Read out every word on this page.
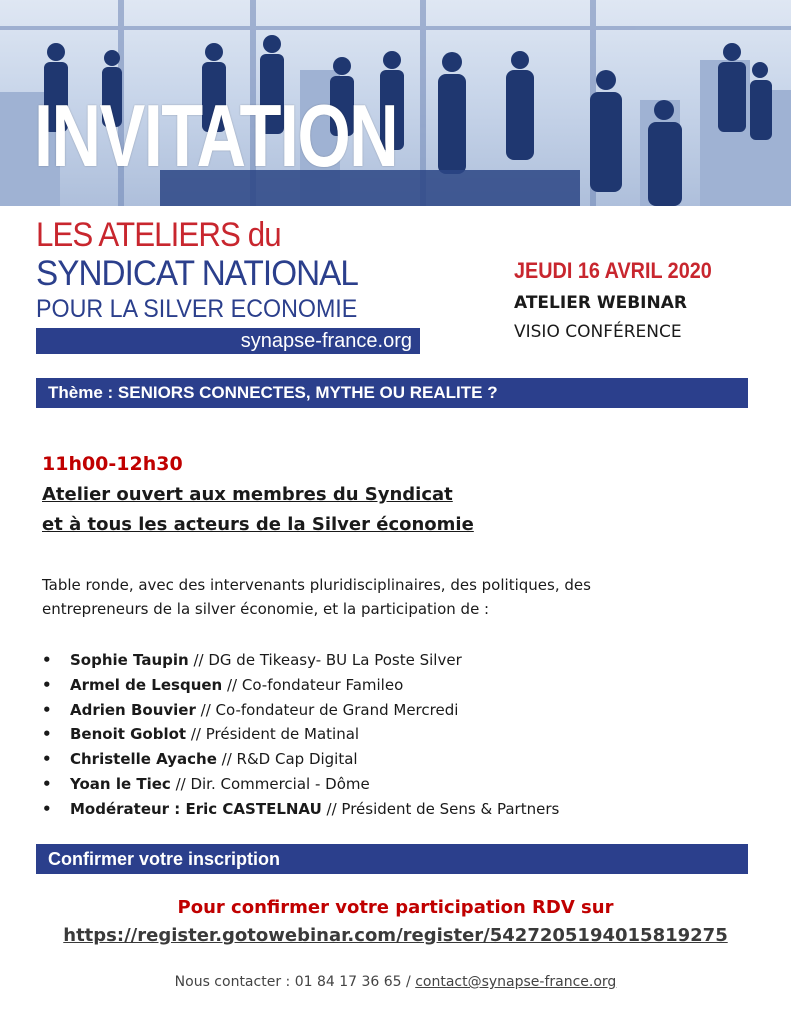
INVITATION
LES ATELIERS du
SYNDICAT NATIONAL
POUR LA SILVER ECONOMIE
synapse-france.org
JEUDI 16 AVRIL 2020
ATELIER WEBINAR
VISIO CONFÉRENCE
Thème : SENIORS CONNECTES, MYTHE OU REALITE ?
11h00-12h30
Atelier ouvert aux membres du Syndicat
et à tous les acteurs de la Silver économie
Table ronde, avec des intervenants pluridisciplinaires, des politiques, des entrepreneurs de la silver économie, et la participation de :
• Sophie Taupin // DG de Tikeasy- BU La Poste Silver
• Armel de Lesquen // Co-fondateur Famileo
• Adrien Bouvier // Co-fondateur de Grand Mercredi
• Benoit Goblot // Président de Matinal
• Christelle Ayache // R&D Cap Digital
• Yoan le Tiec // Dir. Commercial - Dôme
• Modérateur : Eric CASTELNAU // Président de Sens & Partners
Confirmer votre inscription
Pour confirmer votre participation RDV sur
https://register.gotowebinar.com/register/5427205194015819275
Nous contacter : 01 84 17 36 65 / contact@synapse-france.org
